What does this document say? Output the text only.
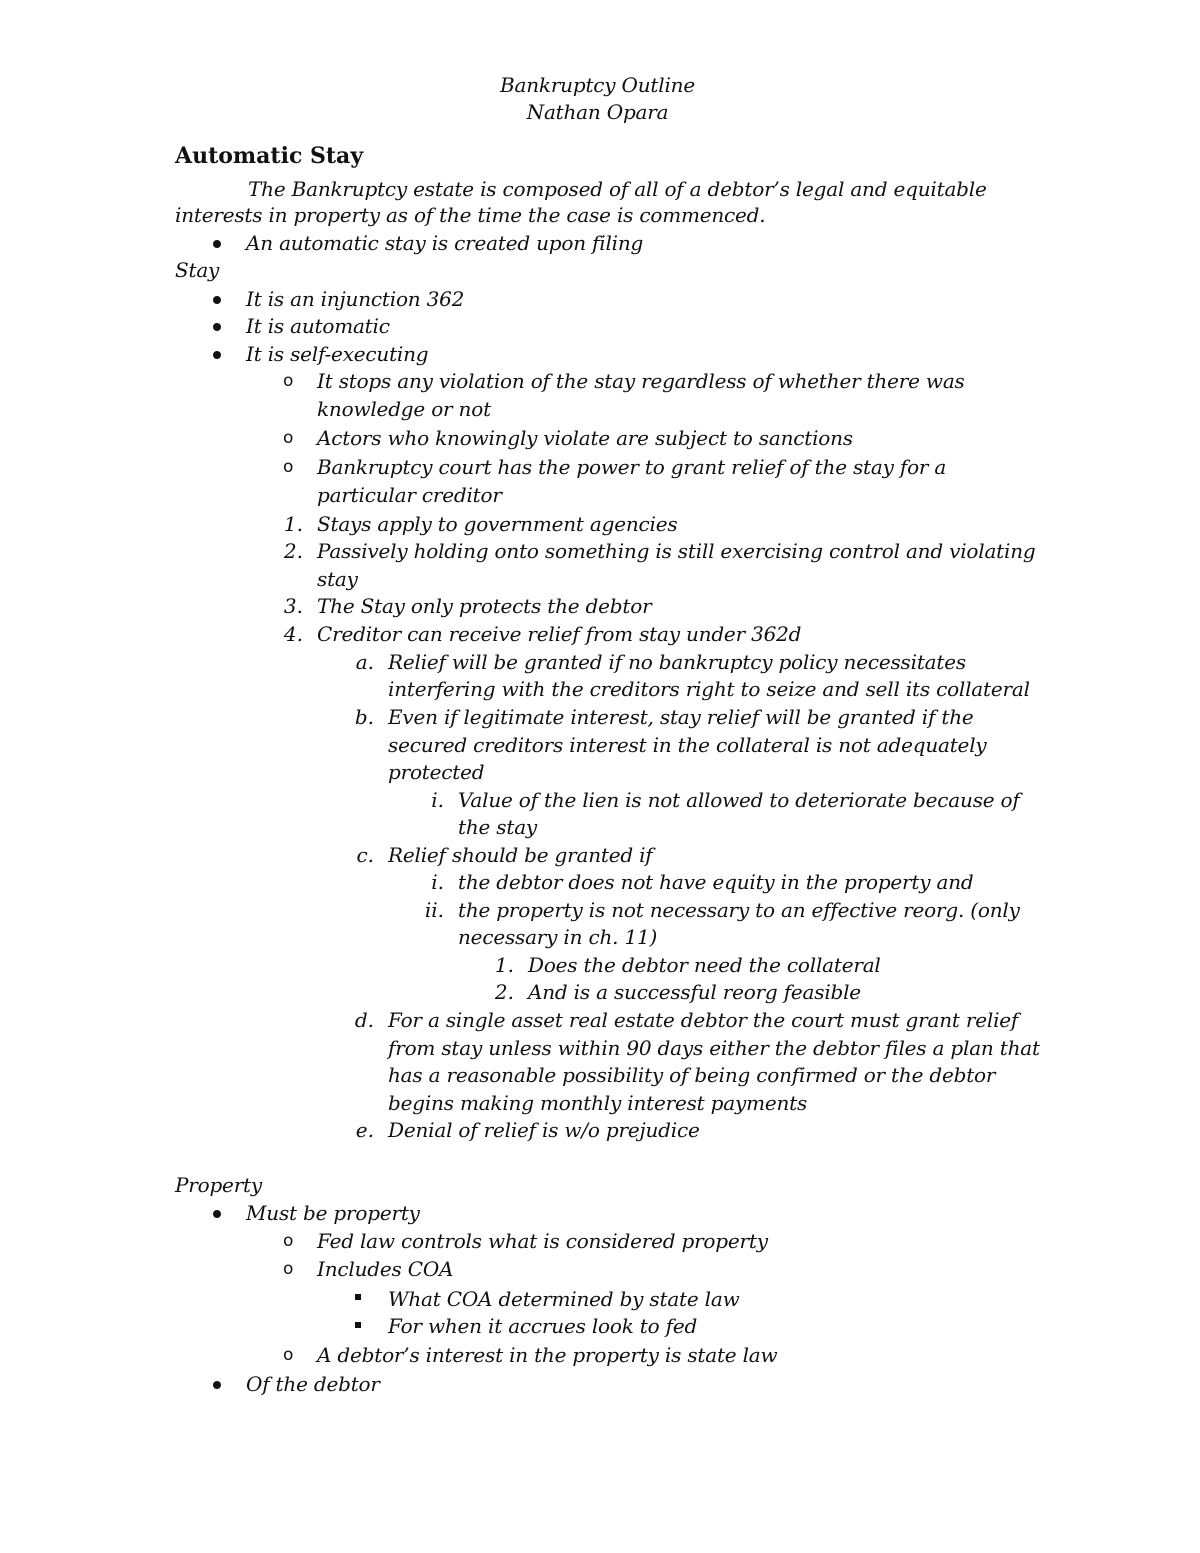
Bankruptcy Outline
Nathan Opara
Automatic Stay
The Bankruptcy estate is composed of all of a debtor’s legal and equitable
interests in property as of the time the case is commenced.
An automatic stay is created upon filing
Stay
It is an injunction 362
It is automatic
It is self-executing
o It stops any violation of the stay regardless of whether there was
knowledge or not
o Actors who knowingly violate are subject to sanctions
o Bankruptcy court has the power to grant relief of the stay for a
particular creditor
1. Stays apply to government agencies
2. Passively holding onto something is still exercising control and violating
stay
3. The Stay only protects the debtor
4. Creditor can receive relief from stay under 362d
a. Relief will be granted if no bankruptcy policy necessitates
interfering with the creditors right to seize and sell its collateral
b. Even if legitimate interest, stay relief will be granted if the
secured creditors interest in the collateral is not adequately
protected
i. Value of the lien is not allowed to deteriorate because of
the stay
c. Relief should be granted if
i. the debtor does not have equity in the property and
ii. the property is not necessary to an effective reorg. (only
necessary in ch. 11)
1. Does the debtor need the collateral
2. And is a successful reorg feasible
d. For a single asset real estate debtor the court must grant relief
from stay unless within 90 days either the debtor files a plan that
has a reasonable possibility of being confirmed or the debtor
begins making monthly interest payments
e. Denial of relief is w/o prejudice
Property
Must be property
o Fed law controls what is considered property
o Includes COA
What COA determined by state law
For when it accrues look to fed
o A debtor’s interest in the property is state law
Of the debtor
